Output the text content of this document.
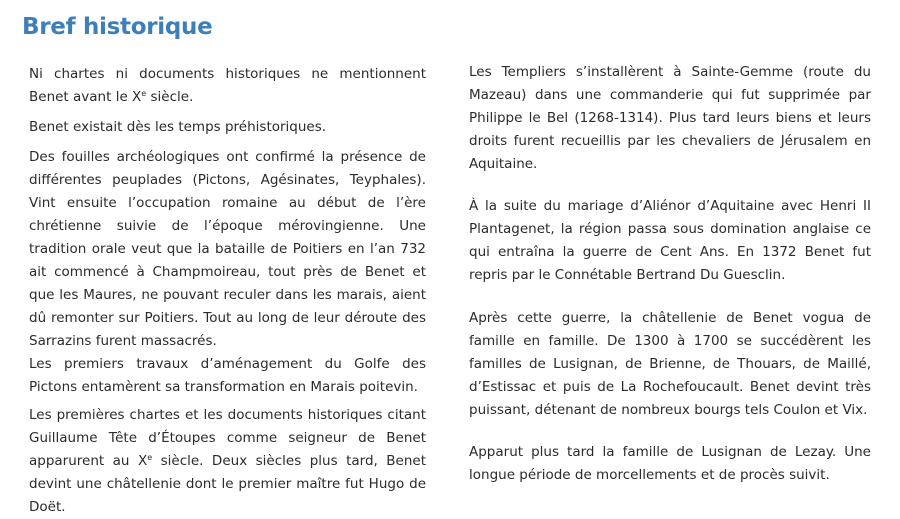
Bref historique

Ni chartes ni documents historiques ne mentionnent Benet avant le Xe siècle.

Benet existait dès les temps préhistoriques.

Des fouilles archéologiques ont confirmé la présence de différentes peuplades (Pictons, Agésinates, Teyphales). Vint ensuite l’occupation romaine au début de l’ère chrétienne suivie de l’époque mérovingienne. Une tradition orale veut que la bataille de Poitiers en l’an 732 ait commencé à Champmoireau, tout près de Benet et que les Maures, ne pouvant reculer dans les marais, aient dû remonter sur Poitiers. Tout au long de leur déroute des Sarrazins furent massacrés.

Les premiers travaux d’aménagement du Golfe des Pictons entamèrent sa transformation en Marais poitevin.

Les premières chartes et les documents historiques citant Guillaume Tête d’Étoupes comme seigneur de Benet apparurent au Xe siècle. Deux siècles plus tard, Benet devint une châtellenie dont le premier maître fut Hugo de Doët.

Les Templiers s’installèrent à Sainte-Gemme (route du Mazeau) dans une commanderie qui fut supprimée par Philippe le Bel (1268-1314). Plus tard leurs biens et leurs droits furent recueillis par les chevaliers de Jérusalem en Aquitaine.

À la suite du mariage d’Aliénor d’Aquitaine avec Henri II Plantagenet, la région passa sous domination anglaise ce qui entraîna la guerre de Cent Ans. En 1372 Benet fut repris par le Connétable Bertrand Du Guesclin.

Après cette guerre, la châtellenie de Benet vogua de famille en famille. De 1300 à 1700 se succédèrent les familles de Lusignan, de Brienne, de Thouars, de Maillé, d’Estissac et puis de La Rochefoucault. Benet devint très puissant, détenant de nombreux bourgs tels Coulon et Vix.

Apparut plus tard la famille de Lusignan de Lezay. Une longue période de morcellements et de procès suivit.
